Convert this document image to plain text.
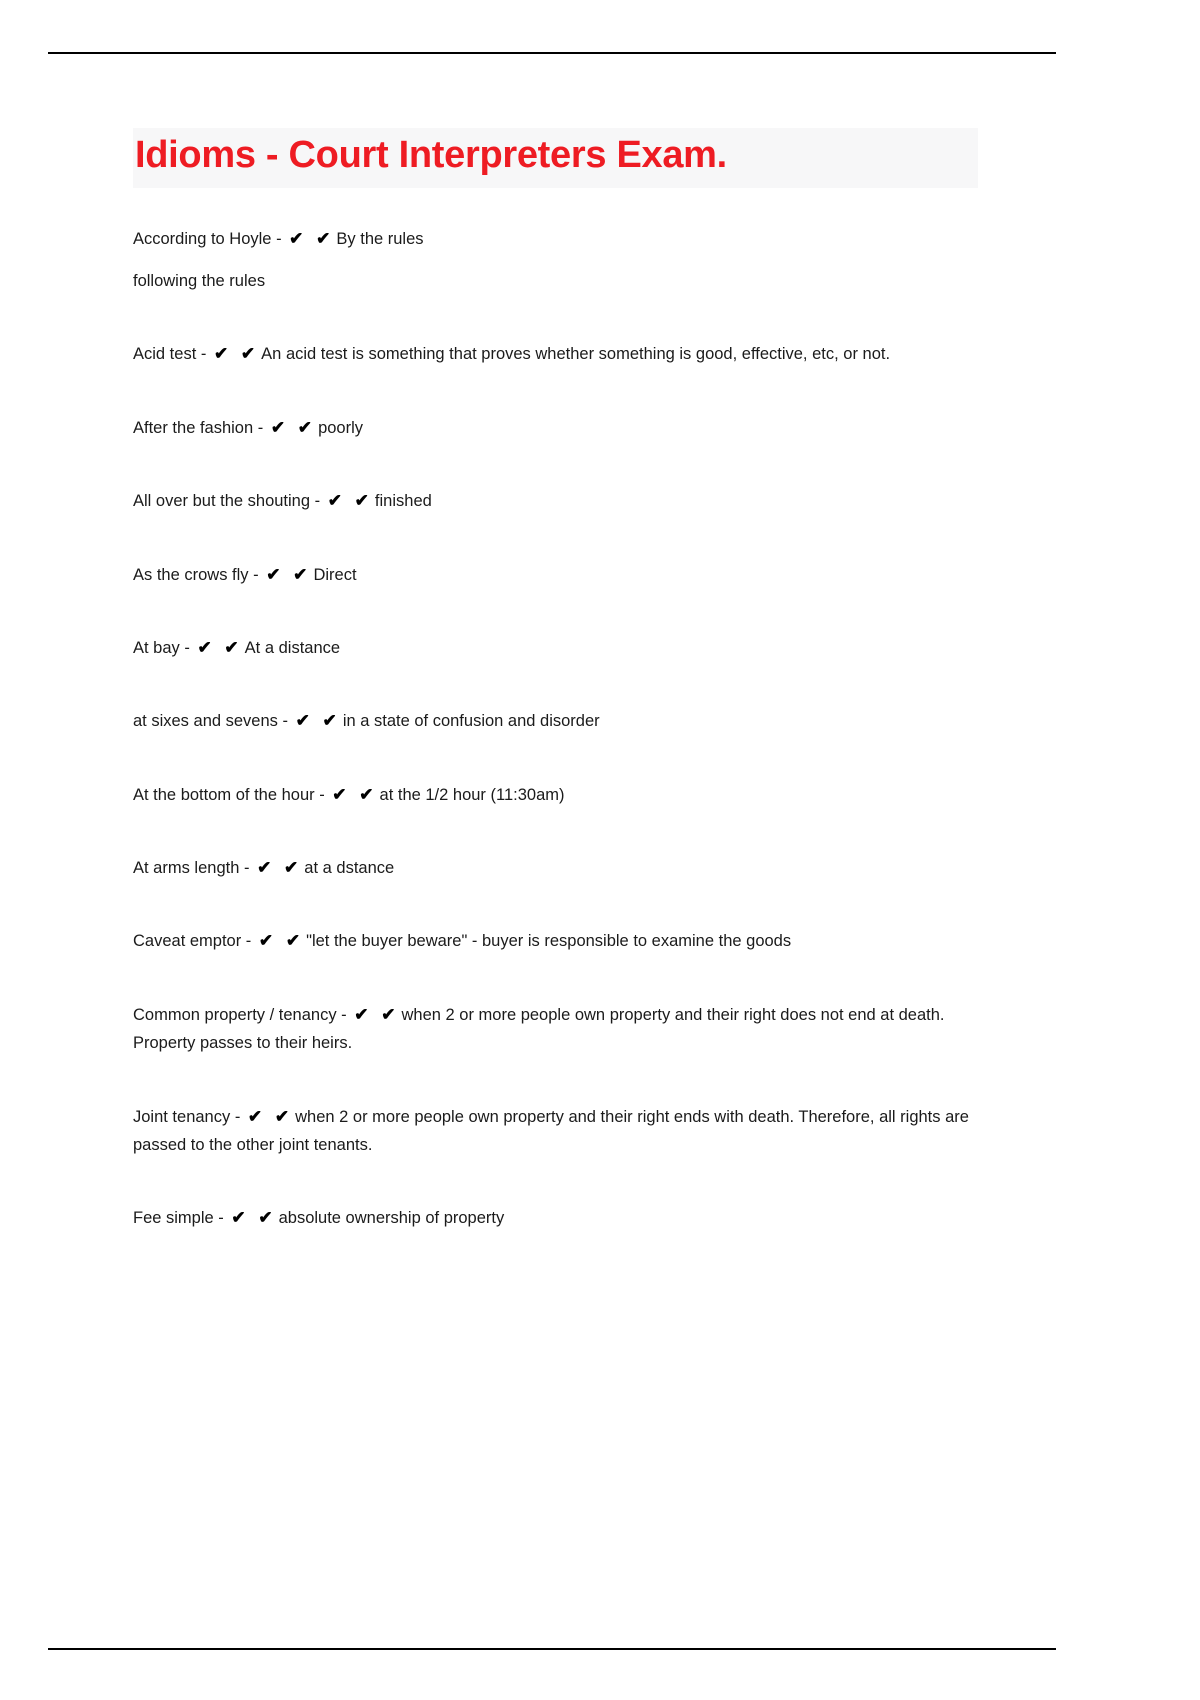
Idioms - Court Interpreters Exam.
According to Hoyle - ✔ ✔ By the rules
following the rules
Acid test - ✔ ✔ An acid test is something that proves whether something is good, effective, etc, or not.
After the fashion - ✔ ✔ poorly
All over but the shouting - ✔ ✔ finished
As the crows fly - ✔ ✔ Direct
At bay - ✔ ✔ At a distance
at sixes and sevens - ✔ ✔ in a state of confusion and disorder
At the bottom of the hour - ✔ ✔ at the 1/2 hour (11:30am)
At arms length - ✔ ✔ at a dstance
Caveat emptor - ✔ ✔ "let the buyer beware" - buyer is responsible to examine the goods
Common property / tenancy - ✔ ✔ when 2 or more people own property and their right does not end at death. Property passes to their heirs.
Joint tenancy - ✔ ✔ when 2 or more people own property and their right ends with death. Therefore, all rights are passed to the other joint tenants.
Fee simple - ✔ ✔ absolute ownership of property
